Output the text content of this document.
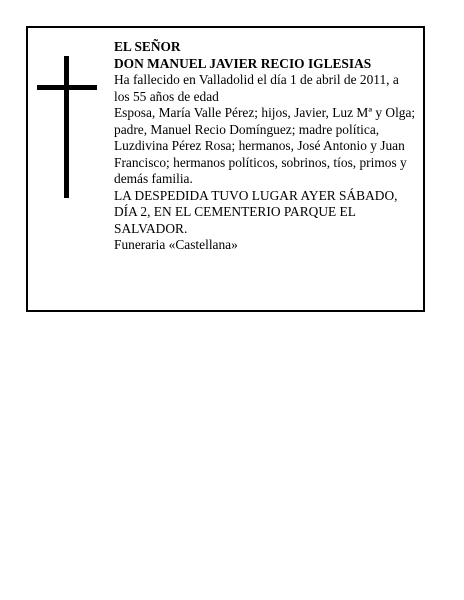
EL SEÑOR

DON MANUEL JAVIER RECIO IGLESIAS

Ha fallecido en Valladolid el día 1 de abril de 2011, a los 55 años de edad

Esposa, María Valle Pérez; hijos, Javier, Luz Mª y Olga; padre, Manuel Recio Domínguez; madre política, Luzdivina Pérez Rosa; hermanos, José Antonio y Juan Francisco; hermanos políticos, sobrinos, tíos, primos y demás familia.

LA DESPEDIDA TUVO LUGAR AYER SÁBADO, DÍA 2, EN EL CEMENTERIO PARQUE EL SALVADOR.

Funeraria «Castellana»
